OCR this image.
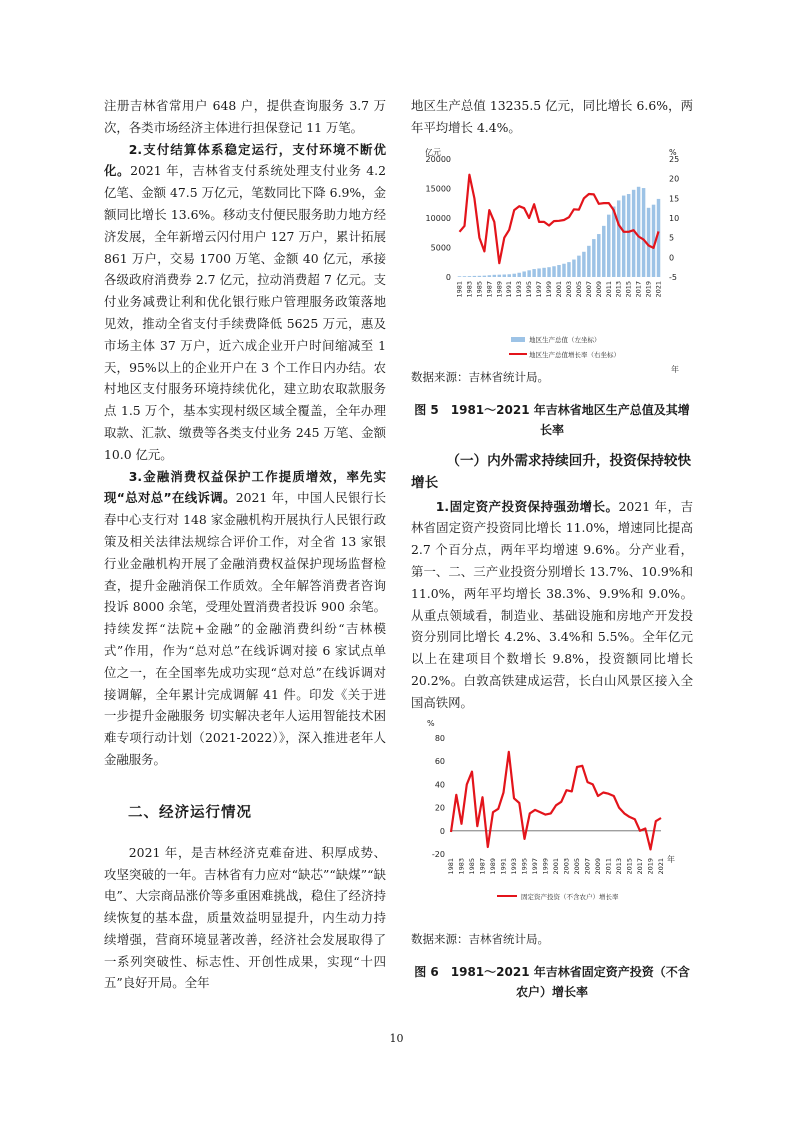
注册吉林省常用户 648 户，提供查询服务 3.7 万次，各类市场经济主体进行担保登记 11 万笔。

2.支付结算体系稳定运行，支付环境不断优化。2021 年，吉林省支付系统处理支付业务 4.2 亿笔、金额 47.5 万亿元，笔数同比下降 6.9%，金额同比增长 13.6%。移动支付便民服务助力地方经济发展，全年新增云闪付用户 127 万户，累计拓展 861 万户，交易 1700 万笔、金额 40 亿元，承接各级政府消费券 2.7 亿元，拉动消费超 7 亿元。支付业务减费让利和优化银行账户管理服务政策落地见效，推动全省支付手续费降低 5625 万元，惠及市场主体 37 万户，近六成企业开户时间缩减至 1 天，95%以上的企业开户在 3 个工作日内办结。农村地区支付服务环境持续优化，建立助农取款服务点 1.5 万个，基本实现村级区域全覆盖，全年办理取款、汇款、缴费等各类支付业务 245 万笔、金额 10.0 亿元。

3.金融消费权益保护工作提质增效，率先实现“总对总”在线诉调。2021 年，中国人民银行长春中心支行对 148 家金融机构开展执行人民银行政策及相关法律法规综合评价工作，对全省 13 家银行业金融机构开展了金融消费权益保护现场监督检查，提升金融消保工作质效。全年解答消费者咨询投诉 8000 余笔，受理处置消费者投诉 900 余笔。持续发挥“法院+金融”的金融消费纠纷“吉林模式”作用，作为“总对总”在线诉调对接 6 家试点单位之一，在全国率先成功实现“总对总”在线诉调对接调解，全年累计完成调解 41 件。印发《关于进一步提升金融服务 切实解决老年人运用智能技术困难专项行动计划（2021-2022）》，深入推进老年人金融服务。

二、经济运行情况

2021 年，是吉林经济克难奋进、积厚成势、攻坚突破的一年。吉林省有力应对“缺芯”“缺煤”“缺电”、大宗商品涨价等多重困难挑战，稳住了经济持续恢复的基本盘，质量效益明显提升，内生动力持续增强，营商环境显著改善，经济社会发展取得了一系列突破性、标志性、开创性成果，实现“十四五”良好开局。全年

地区生产总值 13235.5 亿元，同比增长 6.6%，两年平均增长 4.4%。

亿元	%
年
0
5000
10000
15000
20000
-5
0
5
10
15
20
25
1981 1983 1985 1987 1989 1991 1993 1995 1997 1999 2001 2003 2005 2007 2009 2011 2013 2015 2017 2019 2021
地区生产总值（左坐标）
地区生产总值增长率（右坐标）

数据来源：吉林省统计局。

图 5　1981～2021 年吉林省地区生产总值及其增长率
（一）内外需求持续回升，投资保持较快增长

1.固定资产投资保持强劲增长。2021 年，吉林省固定资产投资同比增长 11.0%，增速同比提高 2.7 个百分点，两年平均增速 9.6%。分产业看，第一、二、三产业投资分别增长 13.7%、10.9%和 11.0%，两年平均增长 38.3%、9.9%和 9.0%。从重点领域看，制造业、基础设施和房地产开发投资分别同比增长 4.2%、3.4%和 5.5%。全年亿元以上在建项目个数增长 9.8%，投资额同比增长 20.2%。白敦高铁建成运营，长白山风景区接入全国高铁网。

%
年
-20
0
20
40
60
80
1981 1983 1985 1987 1989 1991 1993 1995 1997 1999 2001 2003 2005 2007 2009 2011 2013 2015 2017 2019 2021
固定资产投资（不含农户）增长率

数据来源：吉林省统计局。

图 6　1981～2021 年吉林省固定资产投资（不含农户）增长率
10
